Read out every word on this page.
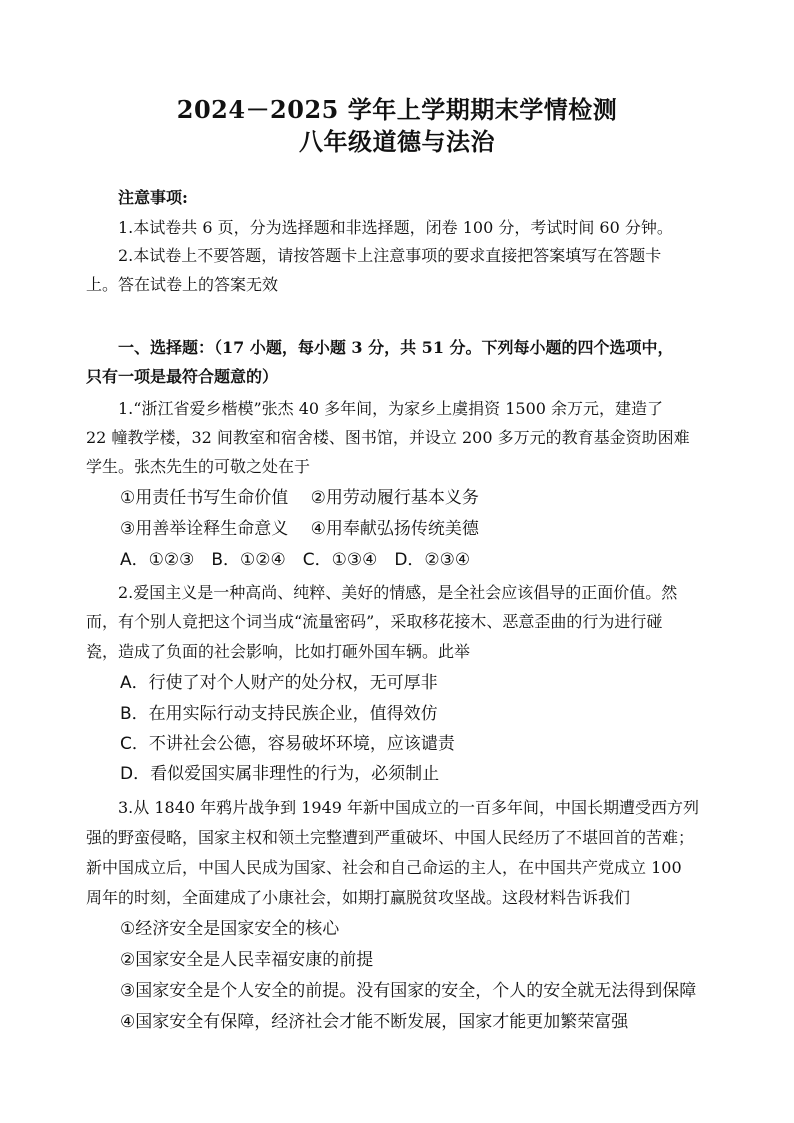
2024－2025 学年上学期期末学情检测
八年级道德与法治
注意事项:
1.本试卷共 6 页，分为选择题和非选择题，闭卷 100 分，考试时间 60 分钟。
2.本试卷上不要答题，请按答题卡上注意事项的要求直接把答案填写在答题卡
上。答在试卷上的答案无效
一、选择题：（17 小题，每小题 3 分，共 51 分。下列每小题的四个选项中，
只有一项是最符合题意的）
1.“浙江省爱乡楷模”张杰 40 多年间，为家乡上虞捐资 1500 余万元，建造了
22 幢教学楼，32 间教室和宿舍楼、图书馆，并设立 200 多万元的教育基金资助困难
学生。张杰先生的可敬之处在于
①用责任书写生命价值　 ②用劳动履行基本义务
③用善举诠释生命意义　 ④用奉献弘扬传统美德
A．①②③　B．①②④　C．①③④　D．②③④
2.爱国主义是一种高尚、纯粹、美好的情感，是全社会应该倡导的正面价值。然
而，有个别人竟把这个词当成“流量密码”，采取移花接木、恶意歪曲的行为进行碰
瓷，造成了负面的社会影响，比如打砸外国车辆。此举
A．行使了对个人财产的处分权，无可厚非
B．在用实际行动支持民族企业，值得效仿
C．不讲社会公德，容易破坏环境，应该谴责
D．看似爱国实属非理性的行为，必须制止
3.从 1840 年鸦片战争到 1949 年新中国成立的一百多年间，中国长期遭受西方列
强的野蛮侵略，国家主权和领土完整遭到严重破坏、中国人民经历了不堪回首的苦难；
新中国成立后，中国人民成为国家、社会和自己命运的主人，在中国共产党成立 100
周年的时刻，全面建成了小康社会，如期打赢脱贫攻坚战。这段材料告诉我们
①经济安全是国家安全的核心
②国家安全是人民幸福安康的前提
③国家安全是个人安全的前提。没有国家的安全，个人的安全就无法得到保障
④国家安全有保障，经济社会才能不断发展，国家才能更加繁荣富强
